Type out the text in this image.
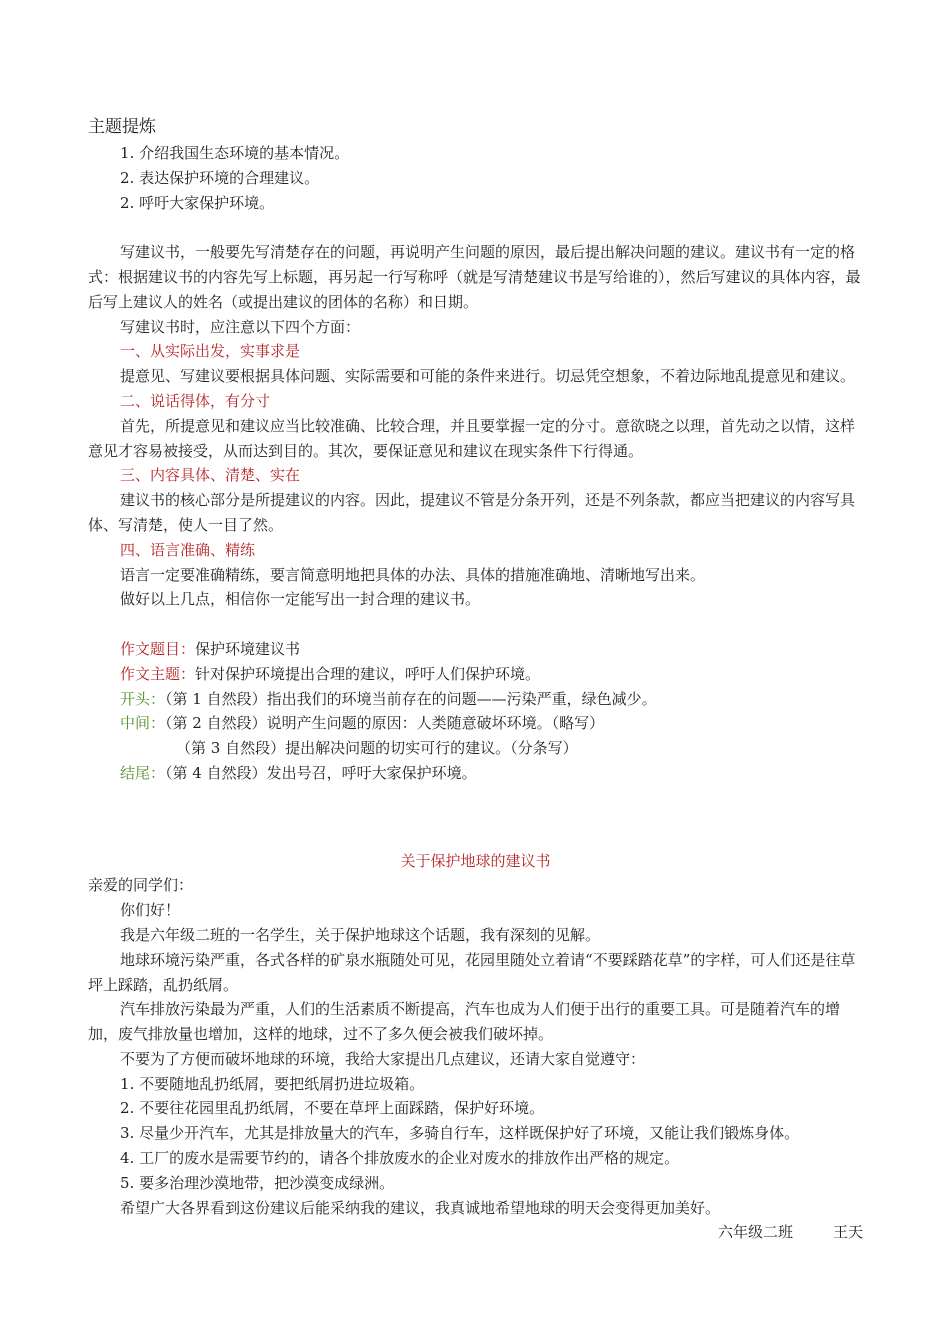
主题提炼
1. 介绍我国生态环境的基本情况。
2. 表达保护环境的合理建议。
2. 呼吁大家保护环境。
写建议书，一般要先写清楚存在的问题，再说明产生问题的原因，最后提出解决问题的建议。建议书有一定的格式：根据建议书的内容先写上标题，再另起一行写称呼（就是写清楚建议书是写给谁的），然后写建议的具体内容，最后写上建议人的姓名（或提出建议的团体的名称）和日期。
写建议书时，应注意以下四个方面：
一、从实际出发，实事求是
提意见、写建议要根据具体问题、实际需要和可能的条件来进行。切忌凭空想象，不着边际地乱提意见和建议。
二、说话得体，有分寸
首先，所提意见和建议应当比较准确、比较合理，并且要掌握一定的分寸。意欲晓之以理，首先动之以情，这样意见才容易被接受，从而达到目的。其次，要保证意见和建议在现实条件下行得通。
三、内容具体、清楚、实在
建议书的核心部分是所提建议的内容。因此，提建议不管是分条开列，还是不列条款，都应当把建议的内容写具体、写清楚，使人一目了然。
四、语言准确、精练
语言一定要准确精练，要言简意明地把具体的办法、具体的措施准确地、清晰地写出来。
做好以上几点，相信你一定能写出一封合理的建议书。
作文题目：保护环境建议书
作文主题：针对保护环境提出合理的建议，呼吁人们保护环境。
开头：（第 1 自然段）指出我们的环境当前存在的问题——污染严重，绿色减少。
中间：（第 2 自然段）说明产生问题的原因：人类随意破坏环境。（略写）
（第 3 自然段）提出解决问题的切实可行的建议。（分条写）
结尾：（第 4 自然段）发出号召，呼吁大家保护环境。
关于保护地球的建议书
亲爱的同学们：
你们好！
我是六年级二班的一名学生，关于保护地球这个话题，我有深刻的见解。
地球环境污染严重，各式各样的矿泉水瓶随处可见，花园里随处立着请“不要踩踏花草”的字样，可人们还是往草坪上踩踏，乱扔纸屑。
汽车排放污染最为严重，人们的生活素质不断提高，汽车也成为人们便于出行的重要工具。可是随着汽车的增加，废气排放量也增加，这样的地球，过不了多久便会被我们破坏掉。
不要为了方便而破坏地球的环境，我给大家提出几点建议，还请大家自觉遵守：
1. 不要随地乱扔纸屑，要把纸屑扔进垃圾箱。
2. 不要往花园里乱扔纸屑，不要在草坪上面踩踏，保护好环境。
3. 尽量少开汽车，尤其是排放量大的汽车，多骑自行车，这样既保护好了环境，又能让我们锻炼身体。
4. 工厂的废水是需要节约的，请各个排放废水的企业对废水的排放作出严格的规定。
5. 要多治理沙漠地带，把沙漠变成绿洲。
希望广大各界看到这份建议后能采纳我的建议，我真诚地希望地球的明天会变得更加美好。
六年级二班	王天
